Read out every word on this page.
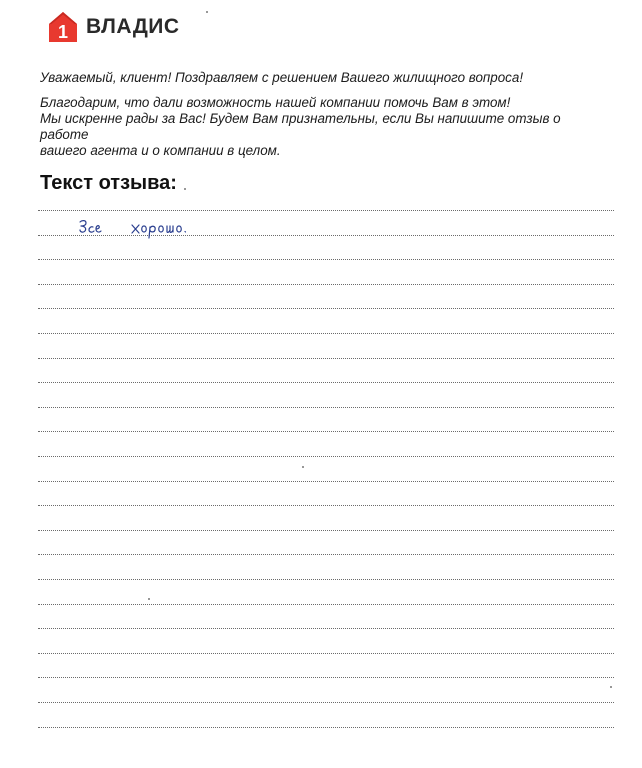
1 ВЛАДИС

Уважаемый, клиент! Поздравляем с решением Вашего жилищного вопроса!

Благодарим, что дали возможность нашей компании помочь Вам в этом!
Мы искренне рады за Вас! Будем Вам признательны, если Вы напишите отзыв о работе
вашего агента и о компании в целом.
Текст отзыва:
